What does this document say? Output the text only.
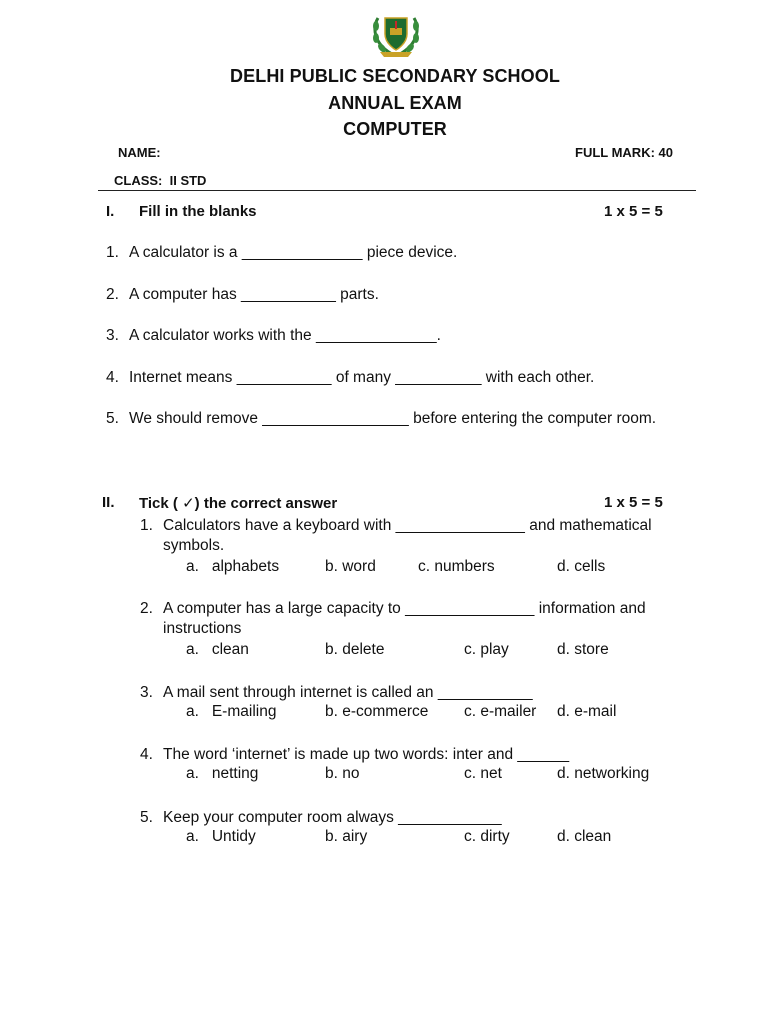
DELHI PUBLIC SECONDARY SCHOOL
ANNUAL EXAM
COMPUTER
NAME:	FULL MARK: 40
CLASS:  II STD
I. Fill in the blanks	1 x 5 = 5
1. A calculator is a ______________ piece device.
2. A computer has ___________ parts.
3. A calculator works with the ______________.
4. Internet means ___________ of many __________ with each other.
5. We should remove _________________ before entering the computer room.
II. Tick ( ✓) the correct answer	1 x 5 = 5
1. Calculators have a keyboard with _______________ and mathematical
symbols.
a.   alphabets	b. word	c. numbers	d. cells
2. A computer has a large capacity to _______________ information and
instructions
a.   clean	b. delete	c. play	d. store
3. A mail sent through internet is called an ___________
a.   E-mailing	b. e-commerce c. e-mailer d. e-mail
4. The word ‘internet’ is made up two words: inter and ______
a.   netting	b. no	c. net	d. networking
5. Keep your computer room always ____________
a.   Untidy	b. airy	c. dirty	d. clean
